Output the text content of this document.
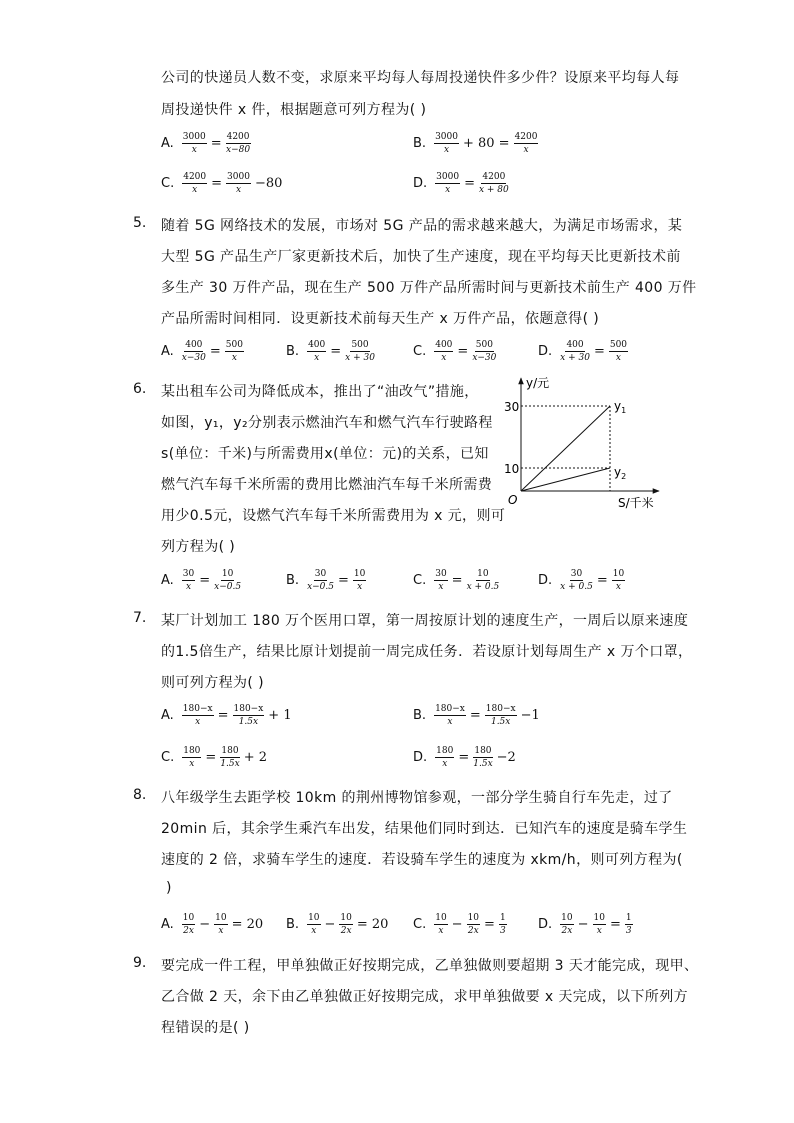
公司的快递员人数不变，求原来平均每人每周投递快件多少件？设原来平均每人每
周投递快件 x 件，根据题意可列方程为( )
A. $\frac{3000}{x} = \frac{4200}{x-80}$	B. $\frac{3000}{x} + 80 = \frac{4200}{x}$
C. $\frac{4200}{x} = \frac{3000}{x} -80$	D. $\frac{3000}{x} = \frac{4200}{x + 80}$
5. 随着 5G 网络技术的发展，市场对 5G 产品的需求越来越大，为满足市场需求，某
大型 5G 产品生产厂家更新技术后，加快了生产速度，现在平均每天比更新技术前
多生产 30 万件产品，现在生产 500 万件产品所需时间与更新技术前生产 400 万件
产品所需时间相同．设更新技术前每天生产 x 万件产品，依题意得( )
A. $\frac{400}{x-30} = \frac{500}{x}$	B. $\frac{400}{x} = \frac{500}{x + 30}$	C. $\frac{400}{x} = \frac{500}{x-30}$	D. $\frac{400}{x + 30} = \frac{500}{x}$
6. 某出租车公司为降低成本，推出了“油改气”措施，
如图，y₁，y₂分别表示燃油汽车和燃气汽车行驶路程
s(单位：千米)与所需费用x(单位：元)的关系，已知
燃气汽车每千米所需的费用比燃油汽车每千米所需费
用少0.5元，设燃气汽车每千米所需费用为 x 元，则可
列方程为( )
y/元
30
10
O	S/千米
$y_1$
$y_2$
A. $\frac{30}{x} = \frac{10}{x-0.5}$	B. $\frac{30}{x-0.5} = \frac{10}{x}$	C. $\frac{30}{x} = \frac{10}{x + 0.5}$	D. $\frac{30}{x + 0.5} = \frac{10}{x}$
7. 某厂计划加工 180 万个医用口罩，第一周按原计划的速度生产，一周后以原来速度
的1.5倍生产，结果比原计划提前一周完成任务．若设原计划每周生产 x 万个口罩，
则可列方程为( )
A. $\frac{180-x}{x} = \frac{180-x}{1.5x} + 1$	B. $\frac{180-x}{x} = \frac{180-x}{1.5x} -1$
C. $\frac{180}{x} = \frac{180}{1.5x} + 2$	D. $\frac{180}{x} = \frac{180}{1.5x} -2$
8. 八年级学生去距学校 10km 的荆州博物馆参观，一部分学生骑自行车先走，过了
20min 后，其余学生乘汽车出发，结果他们同时到达．已知汽车的速度是骑车学生
速度的 2 倍，求骑车学生的速度．若设骑车学生的速度为 xkm/h，则可列方程为(
)
A. $\frac{10}{2x} - \frac{10}{x} = 20$ B. $\frac{10}{x} - \frac{10}{2x} = 20$ C. $\frac{10}{x} - \frac{10}{2x} = \frac{1}{3} D$. $\frac{10}{2x} - \frac{10}{x} = \frac{1}{3}$
9. 要完成一件工程，甲单独做正好按期完成，乙单独做则要超期 3 天才能完成，现甲、
乙合做 2 天，余下由乙单独做正好按期完成，求甲单独做要 x 天完成，以下所列方
程错误的是( )
